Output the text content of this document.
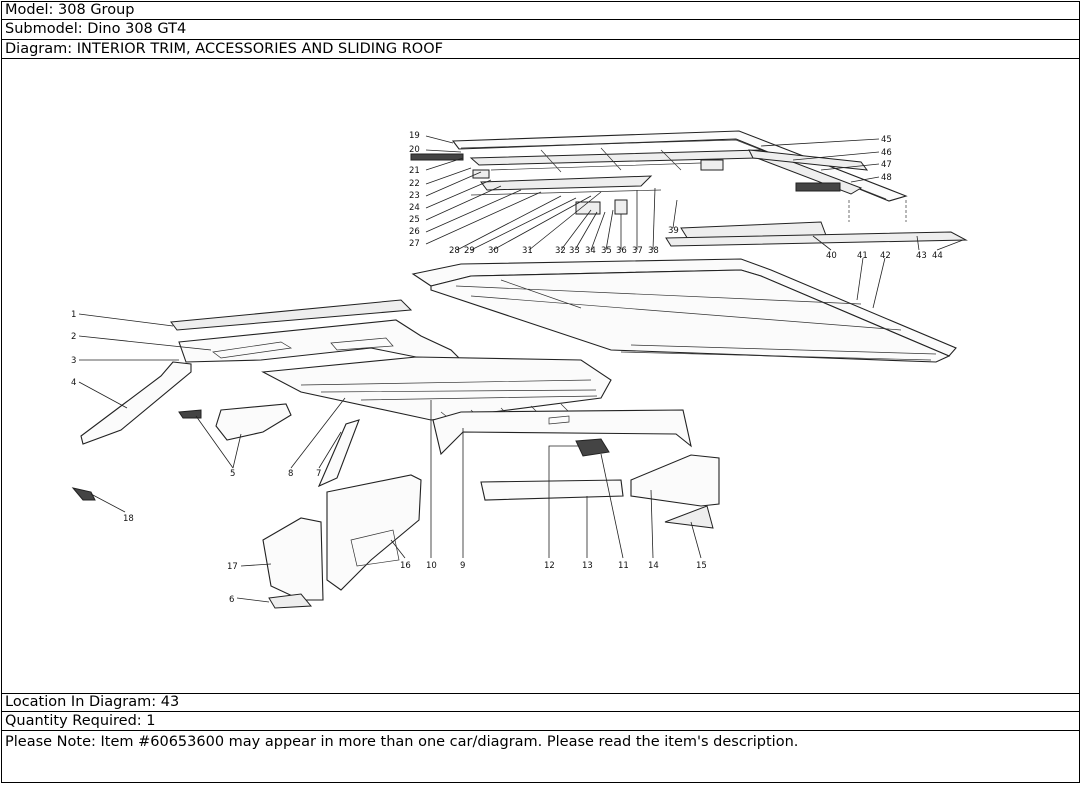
Model: 308 Group
Submodel: Dino 308 GT4
Diagram: INTERIOR TRIM, ACCESSORIES AND SLIDING ROOF
19
20
21
22
23
24
25
26
27
28 29 30	31	32 33 34 35 36 37 38
39
40 41 42	43 44
45
46
47
48
1
2
3
4
5
6
7
8
9
10	11
12	13	14	15
16
17
18
Location In Diagram: 43
Quantity Required: 1
Please Note: Item #60653600 may appear in more than one car/diagram. Please read the item's description.
